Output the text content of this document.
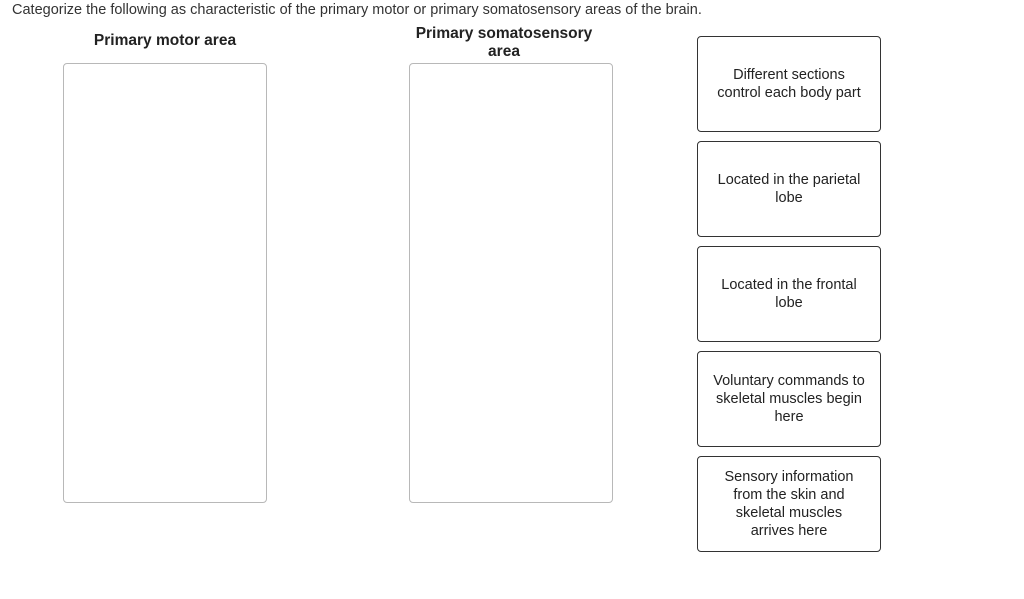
Categorize the following as characteristic of the primary motor or primary somatosensory areas of the brain.
Primary motor area	Primary somatosensory
area
Different sections
control each body part
Located in the parietal
lobe
Located in the frontal
lobe
Voluntary commands to
skeletal muscles begin
here
Sensory information
from the skin and
skeletal muscles
arrives here
